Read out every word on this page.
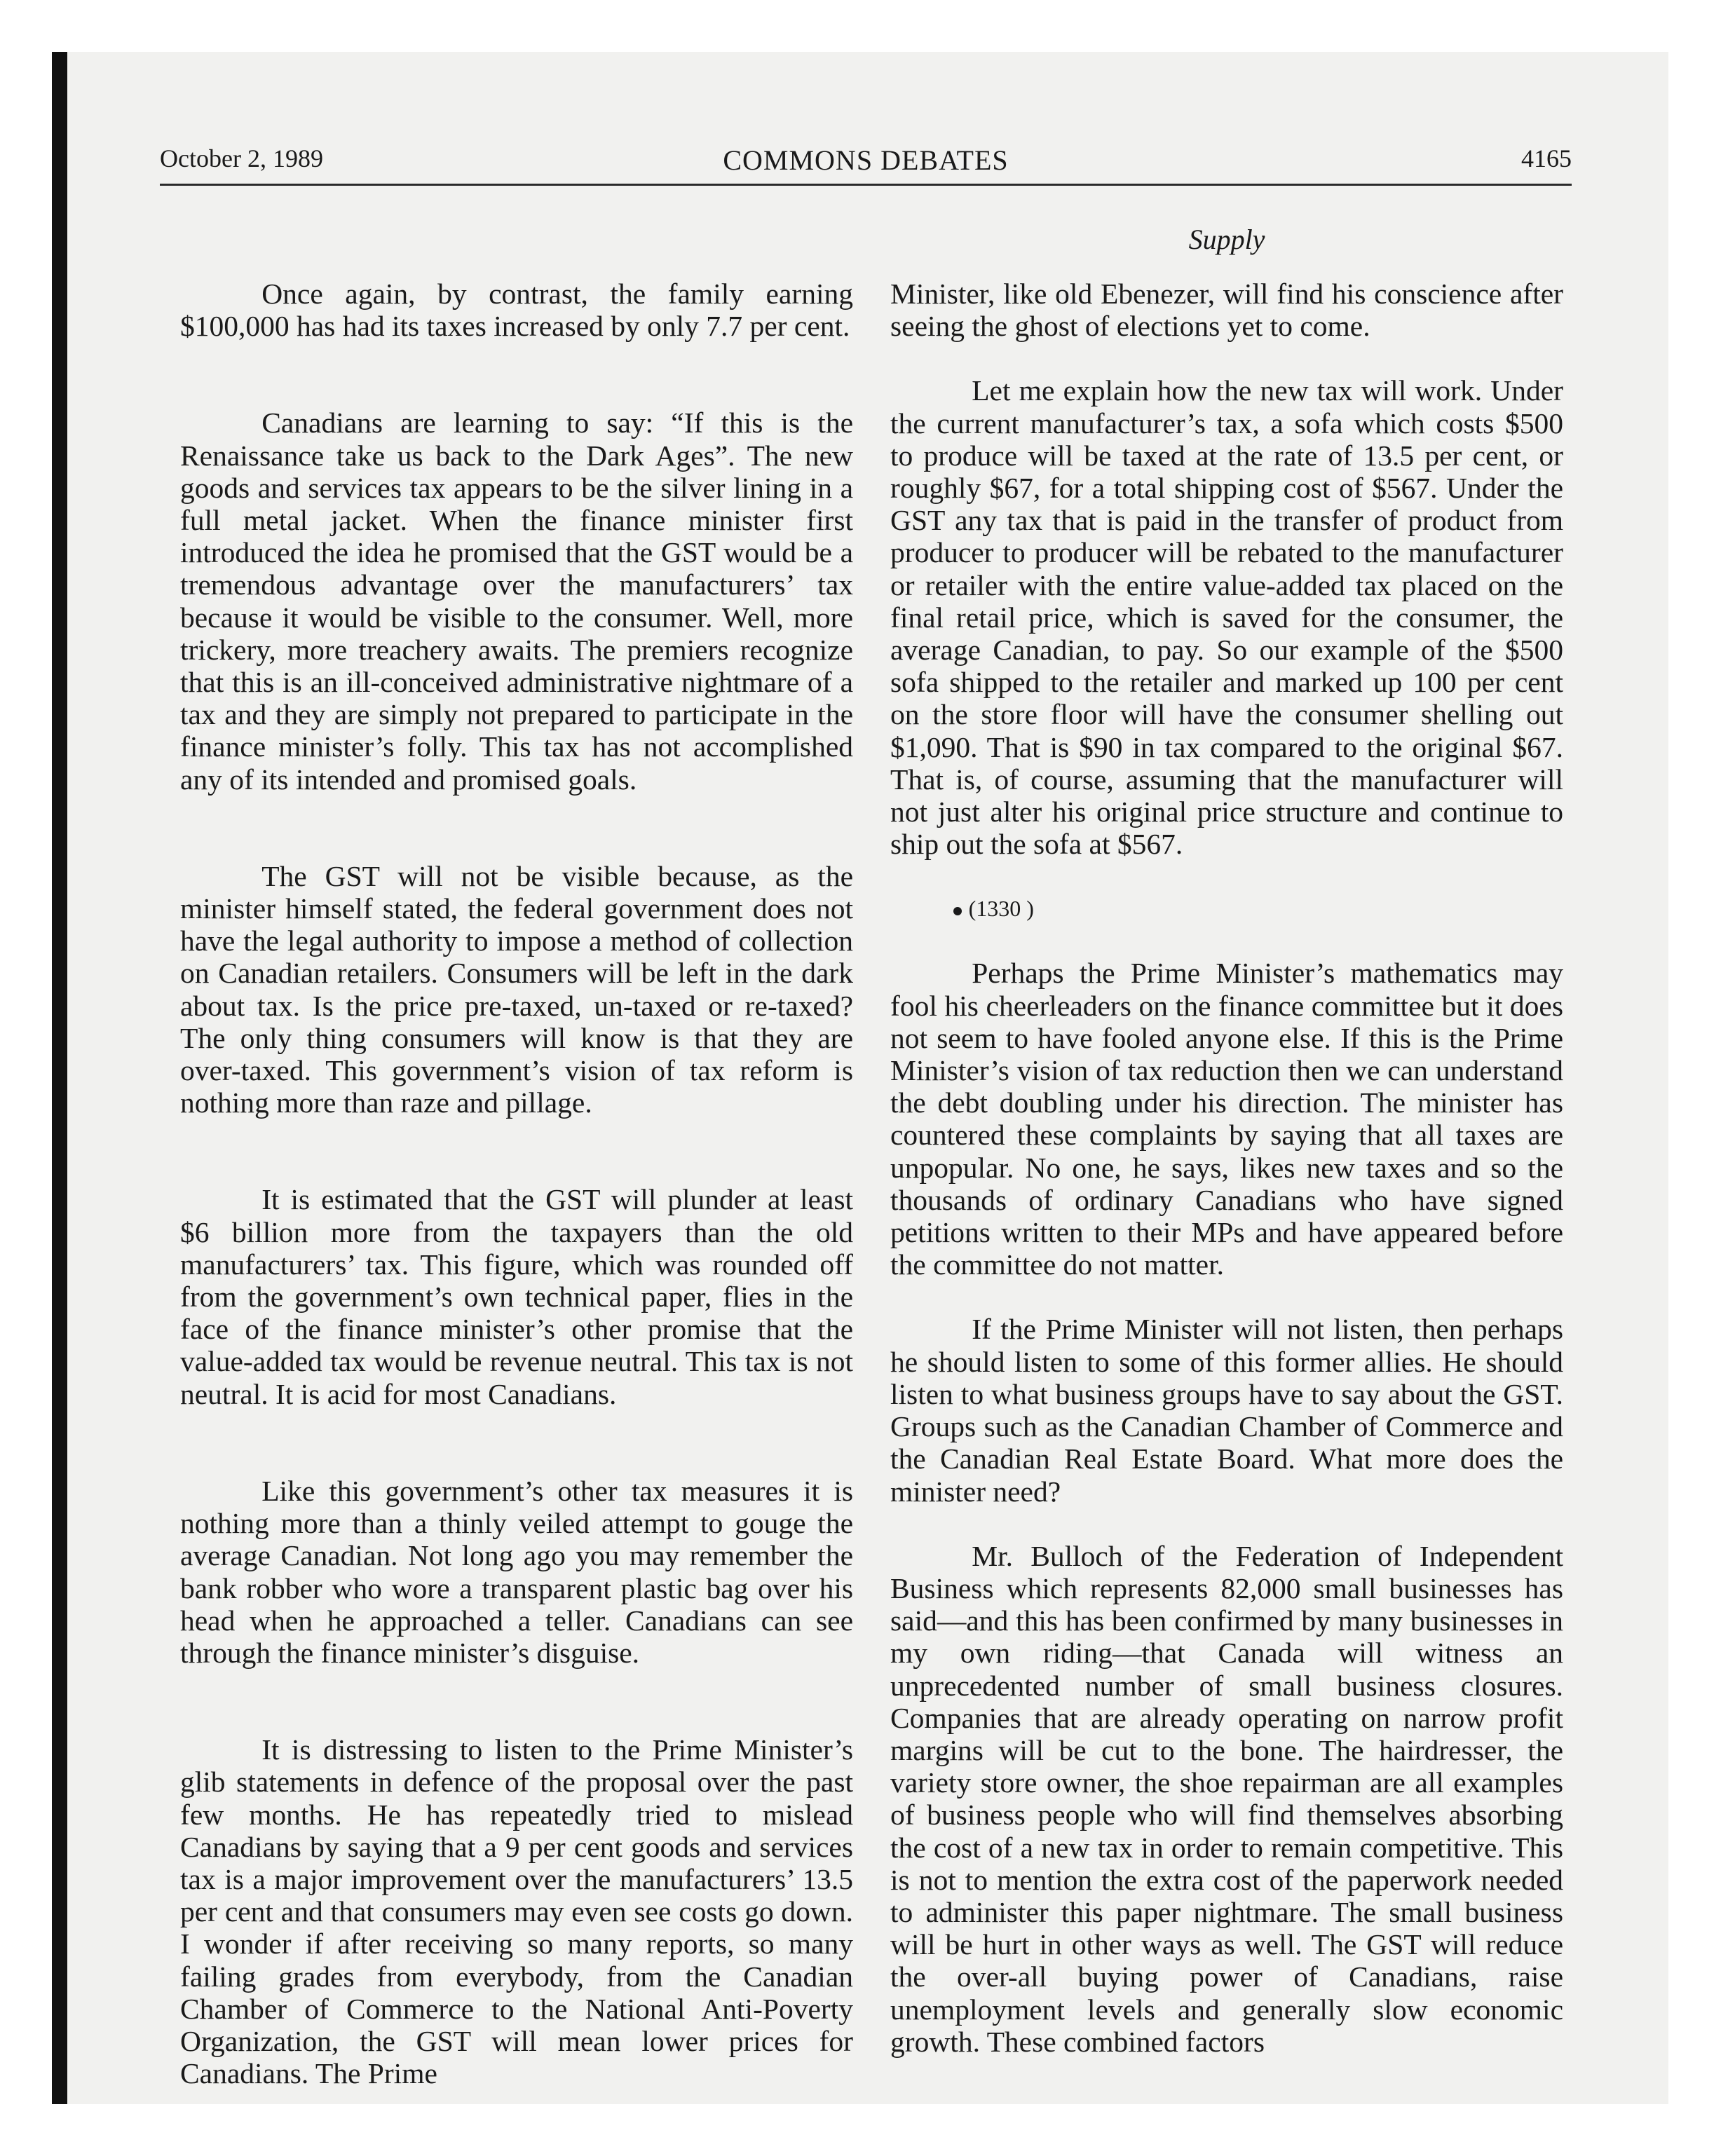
October 2, 1989	COMMONS DEBATES	4165
Supply

Once again, by contrast, the family earning $100,000 has had its taxes increased by only 7.7 per cent.

Canadians are learning to say: “If this is the Renaissance take us back to the Dark Ages”. The new goods and services tax appears to be the silver lining in a full metal jacket. When the finance minister first introduced the idea he promised that the GST would be a tremendous advantage over the manufacturers’ tax because it would be visible to the consumer. Well, more trickery, more treachery awaits. The premiers recognize that this is an ill-conceived administrative nightmare of a tax and they are simply not prepared to participate in the finance minister’s folly. This tax has not accomplished any of its intended and promised goals.

The GST will not be visible because, as the minister himself stated, the federal government does not have the legal authority to impose a method of collection on Canadian retailers. Consumers will be left in the dark about tax. Is the price pre-taxed, un-taxed or re-taxed? The only thing consumers will know is that they are over-taxed. This government’s vision of tax reform is nothing more than raze and pillage.

It is estimated that the GST will plunder at least $6 billion more from the taxpayers than the old manufacturers’ tax. This figure, which was rounded off from the government’s own technical paper, flies in the face of the finance minister’s other promise that the value-added tax would be revenue neutral. This tax is not neutral. It is acid for most Canadians.

Like this government’s other tax measures it is nothing more than a thinly veiled attempt to gouge the average Canadian. Not long ago you may remember the bank robber who wore a transparent plastic bag over his head when he approached a teller. Canadians can see through the finance minister’s disguise.

It is distressing to listen to the Prime Minister’s glib statements in defence of the proposal over the past few months. He has repeatedly tried to mislead Canadians by saying that a 9 per cent goods and services tax is a major improvement over the manufacturers’ 13.5 per cent and that consumers may even see costs go down. I wonder if after receiving so many reports, so many failing grades from everybody, from the Canadian Chamber of Commerce to the National Anti-Poverty Organization, the GST will mean lower prices for Canadians. The Prime

Minister, like old Ebenezer, will find his conscience after seeing the ghost of elections yet to come.

Let me explain how the new tax will work. Under the current manufacturer’s tax, a sofa which costs $500 to produce will be taxed at the rate of 13.5 per cent, or roughly $67, for a total shipping cost of $567. Under the GST any tax that is paid in the transfer of product from producer to producer will be rebated to the manufacturer or retailer with the entire value-added tax placed on the final retail price, which is saved for the consumer, the average Canadian, to pay. So our example of the $500 sofa shipped to the retailer and marked up 100 per cent on the store floor will have the consumer shelling out $1,090. That is $90 in tax compared to the original $67. That is, of course, assuming that the manufacturer will not just alter his original price structure and continue to ship out the sofa at $567.

(1330 )

Perhaps the Prime Minister’s mathematics may fool his cheerleaders on the finance committee but it does not seem to have fooled anyone else. If this is the Prime Minister’s vision of tax reduction then we can understand the debt doubling under his direction. The minister has countered these complaints by saying that all taxes are unpopular. No one, he says, likes new taxes and so the thousands of ordinary Canadians who have signed petitions written to their MPs and have appeared before the committee do not matter.

If the Prime Minister will not listen, then perhaps he should listen to some of this former allies. He should listen to what business groups have to say about the GST. Groups such as the Canadian Chamber of Commerce and the Canadian Real Estate Board. What more does the minister need?

Mr. Bulloch of the Federation of Independent Business which represents 82,000 small businesses has said—and this has been confirmed by many businesses in my own riding—that Canada will witness an unprecedented number of small business closures. Companies that are already operating on narrow profit margins will be cut to the bone. The hairdresser, the variety store owner, the shoe repairman are all examples of business people who will find themselves absorbing the cost of a new tax in order to remain competitive. This is not to mention the extra cost of the paperwork needed to administer this paper nightmare. The small business will be hurt in other ways as well. The GST will reduce the over-all buying power of Canadians, raise unemployment levels and generally slow economic growth. These combined factors
